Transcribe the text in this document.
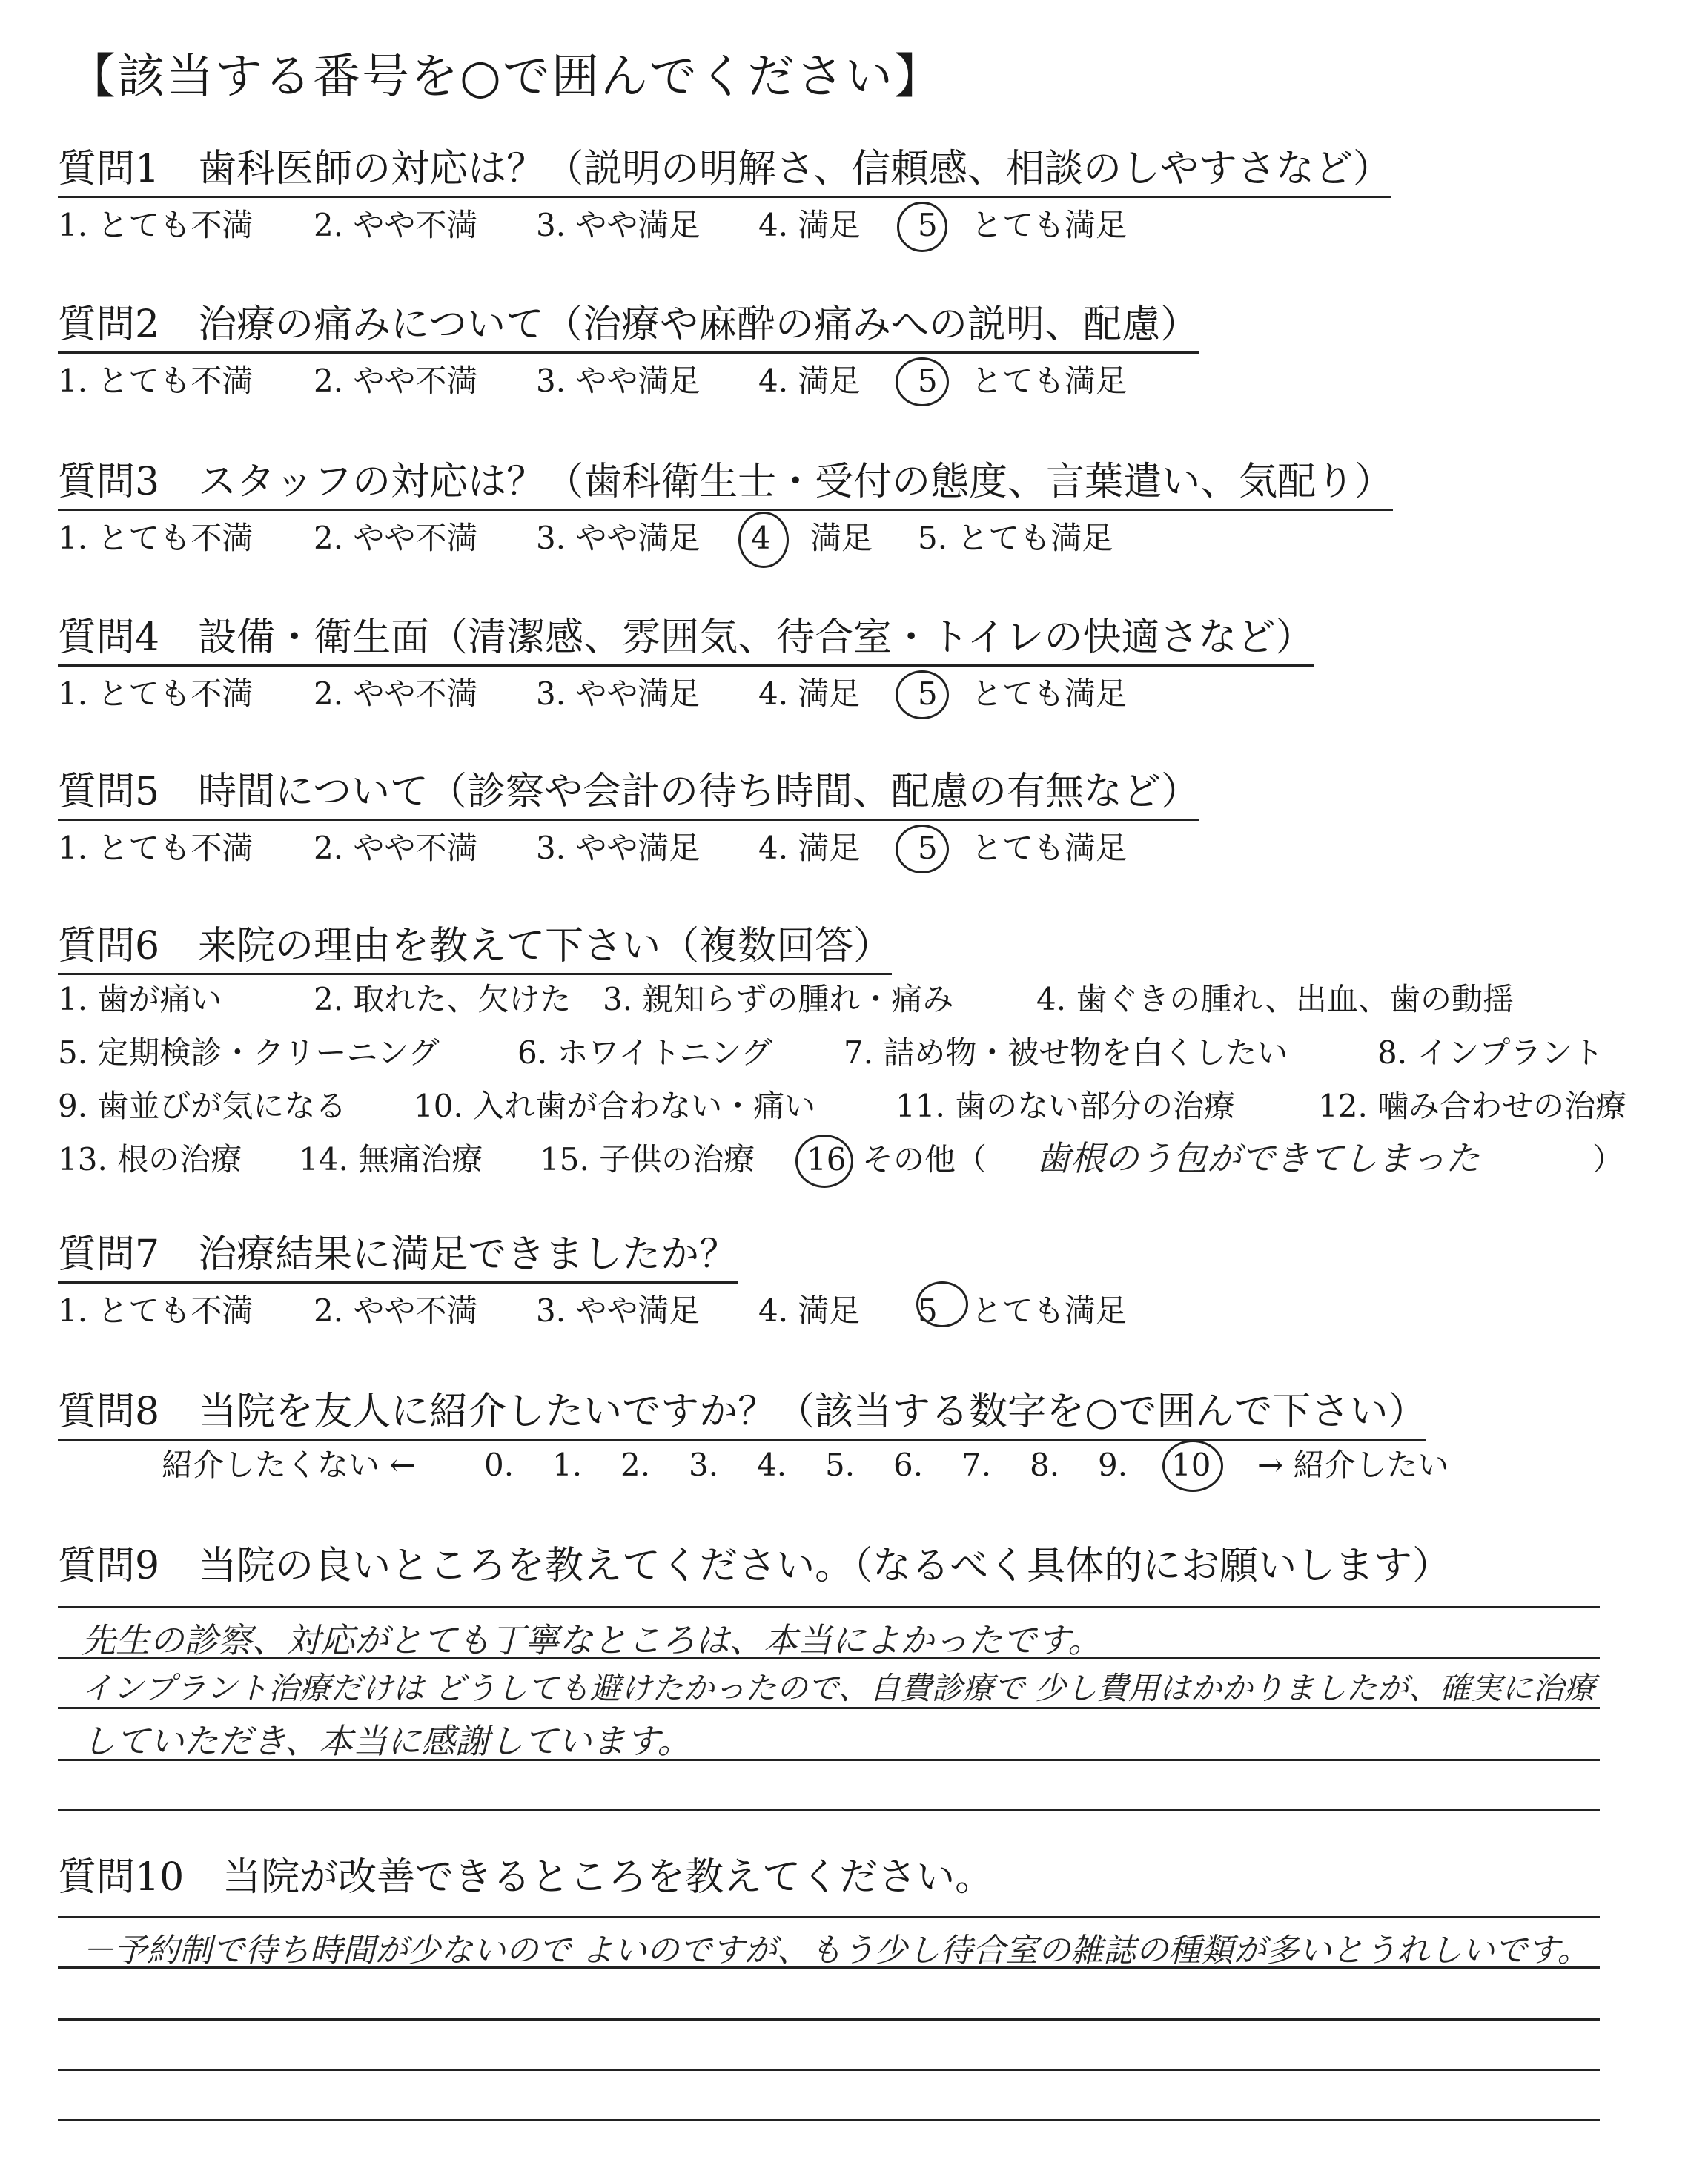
【該当する番号を○で囲んでください】
質問1　歯科医師の対応は？（説明の明解さ、信頼感、相談のしやすさなど）
1. とても不満 2. やや不満 3. やや満足 4. 満足 5 とても満足
質問2　治療の痛みについて（治療や麻酔の痛みへの説明、配慮）
1. とても不満 2. やや不満 3. やや満足 4. 満足 5 とても満足
質問3　スタッフの対応は？（歯科衛生士・受付の態度、言葉遣い、気配り）
1. とても不満 2. やや不満 3. やや満足 4 満足 5. とても満足
質問4　設備・衛生面（清潔感、雰囲気、待合室・トイレの快適さなど）
1. とても不満 2. やや不満 3. やや満足 4. 満足 5 とても満足
質問5　時間について（診察や会計の待ち時間、配慮の有無など）
1. とても不満 2. やや不満 3. やや満足 4. 満足 5 とても満足
質問6　来院の理由を教えて下さい（複数回答）
1. 歯が痛い	2. 取れた、欠けた 3. 親知らずの腫れ・痛み	4. 歯ぐきの腫れ、出血、歯の動揺
5. 定期検診・クリーニング	6. ホワイトニング 7. 詰め物・被せ物を白くしたい	8. インプラント
9. 歯並びが気になる 10. 入れ歯が合わない・痛い	11. 歯のない部分の治療	12. 噛み合わせの治療
13. 根の治療 14. 無痛治療 15. 子供の治療 16 その他（ 歯根のう包ができてしまった	）
質問7　治療結果に満足できましたか？
1. とても不満 2. やや不満 3. やや満足 4. 満足 5 とても満足
質問8　当院を友人に紹介したいですか？（該当する数字を○で囲んで下さい）
紹介したくない ← 0. 1. 2. 3. 4. 5. 6. 7. 8. 9. 10 → 紹介したい
質問9　当院の良いところを教えてください。（なるべく具体的にお願いします）
先生の診察、対応がとても丁寧なところは、本当によかったです。
インプラント治療だけは どうしても避けたかったので、自費診療で 少し費用はかかりましたが、確実に治療
していただき、本当に感謝しています。
質問10　当院が改善できるところを教えてください。
－予約制で待ち時間が少ないので よいのですが、もう少し待合室の雑誌の種類が多いとうれしいです。
